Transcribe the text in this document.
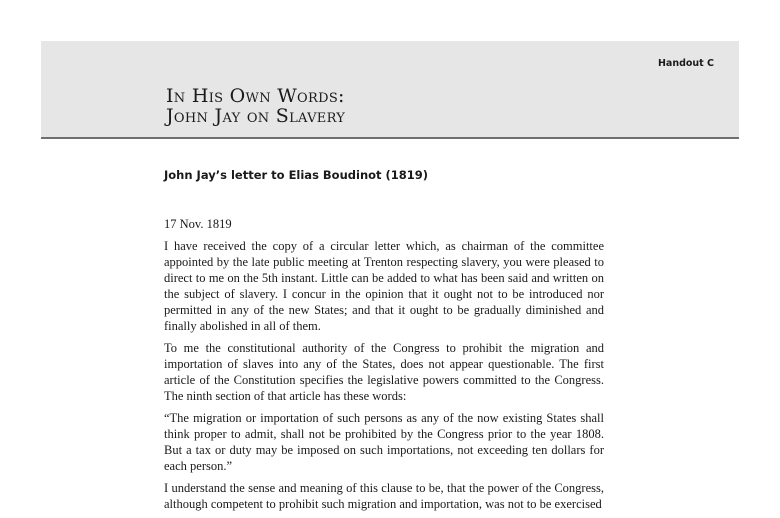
Handout C
In His Own Words:
John Jay on Slavery
John Jay’s letter to Elias Boudinot (1819)

17 Nov. 1819

I have received the copy of a circular letter which, as chairman of the committee appointed by the late public meeting at Trenton respecting slavery, you were pleased to direct to me on the 5th instant. Little can be added to what has been said and written on the subject of slavery. I concur in the opinion that it ought not to be introduced nor permitted in any of the new States; and that it ought to be gradually diminished and finally abolished in all of them.

To me the constitutional authority of the Congress to prohibit the migration and importation of slaves into any of the States, does not appear questionable. The first article of the Constitution specifies the legislative powers committed to the Congress. The ninth section of that article has these words:

“The migration or importation of such persons as any of the now existing States shall think proper to admit, shall not be prohibited by the Congress prior to the year 1808. But a tax or duty may be imposed on such importations, not exceeding ten dollars for each person.”

I understand the sense and meaning of this clause to be, that the power of the Congress, although competent to prohibit such migration and importation, was not to be exercised
